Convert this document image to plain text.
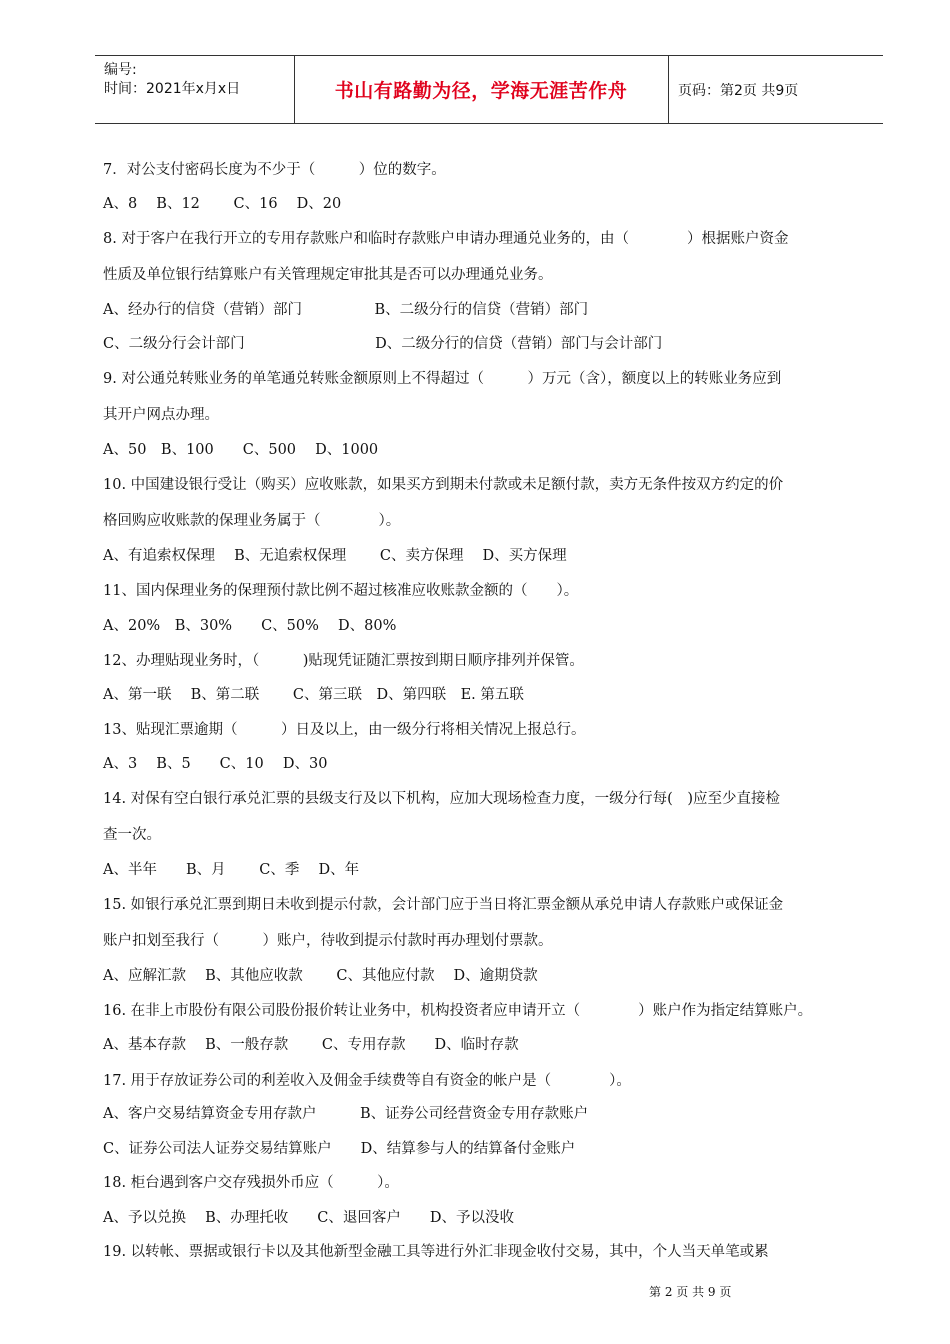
编号:
时间：2021年x月x日	书山有路勤为径，学海无涯苦作舟	页码：第2页 共9页
7．对公支付密码长度为不少于（　　　）位的数字。
A、8　 B、12　　 C、16　 D、20
8. 对于客户在我行开立的专用存款账户和临时存款账户申请办理通兑业务的，由（　　　　）根据账户资金
性质及单位银行结算账户有关管理规定审批其是否可以办理通兑业务。
A、经办行的信贷（营销）部门　　　　　B、二级分行的信贷（营销）部门
C、二级分行会计部门　　　　　　　　　D、二级分行的信贷（营销）部门与会计部门
9. 对公通兑转账业务的单笔通兑转账金额原则上不得超过（　　　）万元（含），额度以上的转账业务应到
其开户网点办理。
A、50　B、100　　C、500　 D、1000
10. 中国建设银行受让（购买）应收账款，如果买方到期未付款或未足额付款，卖方无条件按双方约定的价
格回购应收账款的保理业务属于（　　　　）。
A、有追索权保理　 B、无追索权保理　　 C、卖方保理　 D、买方保理
11、国内保理业务的保理预付款比例不超过核准应收账款金额的（　　）。
A、20%　B、30%　　C、50%　 D、80%
12、办理贴现业务时，（　　　)贴现凭证随汇票按到期日顺序排列并保管。
A、第一联　 B、第二联　　 C、第三联　D、第四联　E. 第五联
13、贴现汇票逾期（　　　）日及以上，由一级分行将相关情况上报总行。
A、3　 B、5　　C、10　 D、30
14. 对保有空白银行承兑汇票的县级支行及以下机构，应加大现场检查力度，一级分行每(　)应至少直接检
查一次。
A、半年　　B、月　　 C、季　 D、年
15. 如银行承兑汇票到期日未收到提示付款，会计部门应于当日将汇票金额从承兑申请人存款账户或保证金
账户扣划至我行（　　　）账户，待收到提示付款时再办理划付票款。
A、应解汇款　 B、其他应收款　　 C、其他应付款　 D、逾期贷款
16. 在非上市股份有限公司股份报价转让业务中，机构投资者应申请开立（　　　　）账户作为指定结算账户。
A、基本存款　 B、一般存款　　 C、专用存款　　D、临时存款
17. 用于存放证券公司的利差收入及佣金手续费等自有资金的帐户是（　　　　）。
A、客户交易结算资金专用存款户　　　B、证券公司经营资金专用存款账户
C、证券公司法人证券交易结算账户　　D、结算参与人的结算备付金账户
18. 柜台遇到客户交存残损外币应（　　　）。
A、予以兑换　 B、办理托收　　C、退回客户　　D、予以没收
19. 以转帐、票据或银行卡以及其他新型金融工具等进行外汇非现金收付交易，其中，个人当天单笔或累
第 2 页 共 9 页
